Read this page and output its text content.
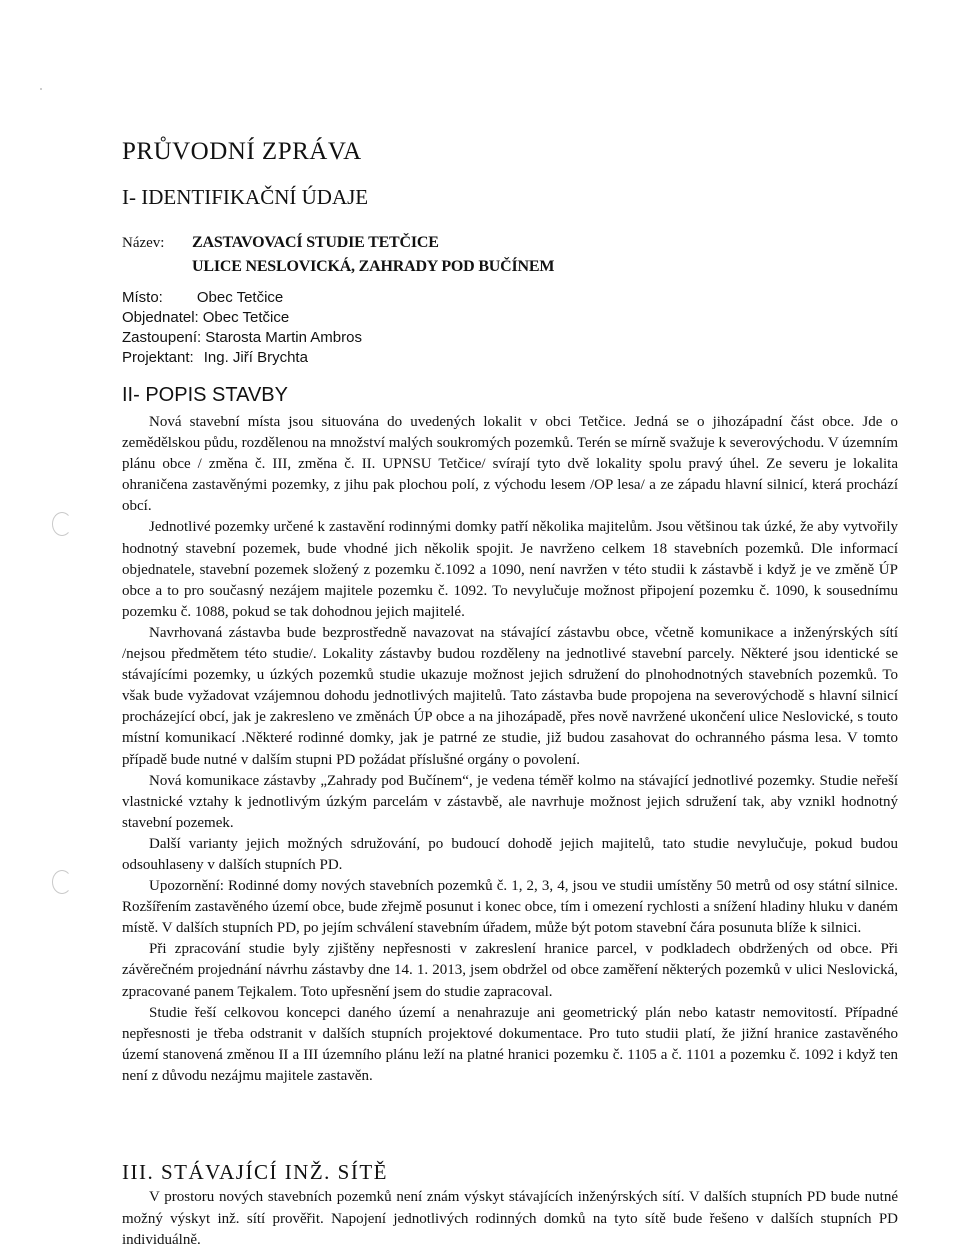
PRŮVODNÍ ZPRÁVA
I- IDENTIFIKAČNÍ ÚDAJE
Název: ZASTAVOVACÍ STUDIE TETČICE
ULICE NESLOVICKÁ, ZAHRADY POD BUČÍNEM
Místo: Obec Tetčice
Objednatel: Obec Tetčice
Zastoupení: Starosta Martin Ambros
Projektant: Ing. Jiří Brychta
II- POPIS STAVBY

Nová stavební místa jsou situována do uvedených lokalit v obci Tetčice. Jedná se o jihozápadní část obce. Jde o zemědělskou půdu, rozdělenou na množství malých soukromých pozemků. Terén se mírně svažuje k severovýchodu. V územním plánu obce / změna č. III, změna č. II. UPNSU Tetčice/ svírají tyto dvě lokality spolu pravý úhel. Ze severu je lokalita ohraničena zastavěnými pozemky, z jihu pak plochou polí, z východu lesem /OP lesa/ a ze západu hlavní silnicí, která prochází obcí.

Jednotlivé pozemky určené k zastavění rodinnými domky patří několika majitelům. Jsou většinou tak úzké, že aby vytvořily hodnotný stavební pozemek, bude vhodné jich několik spojit. Je navrženo celkem 18 stavebních pozemků. Dle informací objednatele, stavební pozemek složený z pozemku č.1092 a 1090, není navržen v této studii k zástavbě i když je ve změně ÚP obce a to pro současný nezájem majitele pozemku č. 1092. To nevylučuje možnost připojení pozemku č. 1090, k sousednímu pozemku č. 1088, pokud se tak dohodnou jejich majitelé.

Navrhovaná zástavba bude bezprostředně navazovat na stávající zástavbu obce, včetně komunikace a inženýrských sítí /nejsou předmětem této studie/. Lokality zástavby budou rozděleny na jednotlivé stavební parcely. Některé jsou identické se stávajícími pozemky, u úzkých pozemků studie ukazuje možnost jejich sdružení do plnohodnotných stavebních pozemků. To však bude vyžadovat vzájemnou dohodu jednotlivých majitelů. Tato zástavba bude propojena na severovýchodě s hlavní silnicí procházející obcí, jak je zakresleno ve změnách ÚP obce a na jihozápadě, přes nově navržené ukončení ulice Neslovické, s touto místní komunikací .Některé rodinné domky, jak je patrné ze studie, již budou zasahovat do ochranného pásma lesa. V tomto případě bude nutné v dalším stupni PD požádat příslušné orgány o povolení.

Nová komunikace zástavby „Zahrady pod Bučínem“, je vedena téměř kolmo na stávající jednotlivé pozemky. Studie neřeší vlastnické vztahy k jednotlivým úzkým parcelám v zástavbě, ale navrhuje možnost jejich sdružení tak, aby vznikl hodnotný stavební pozemek.

Další varianty jejich možných sdružování, po budoucí dohodě jejich majitelů, tato studie nevylučuje, pokud budou odsouhlaseny v dalších stupních PD.

Upozornění: Rodinné domy nových stavebních pozemků č. 1, 2, 3, 4, jsou ve studii umístěny 50 metrů od osy státní silnice. Rozšířením zastavěného území obce, bude zřejmě posunut i konec obce, tím i omezení rychlosti a snížení hladiny hluku v daném místě. V dalších stupních PD, po jejím schválení stavebním úřadem, může být potom stavební čára posunuta blíže k silnici.

Při zpracování studie byly zjištěny nepřesnosti v zakreslení hranice parcel, v podkladech obdržených od obce. Při závěrečném projednání návrhu zástavby dne 14. 1. 2013, jsem obdržel od obce zaměření některých pozemků v ulici Neslovická, zpracované panem Tejkalem. Toto upřesnění jsem do studie zapracoval.

Studie řeší celkovou koncepci daného území a nenahrazuje ani geometrický plán nebo katastr nemovitostí. Případné nepřesnosti je třeba odstranit v dalších stupních projektové dokumentace. Pro tuto studii platí, že jižní hranice zastavěného území stanovená změnou II a III územního plánu leží na platné hranici pozemku č. 1105 a č. 1101 a pozemku č. 1092 i když ten není z důvodu nezájmu majitele zastavěn.

III. STÁVAJÍCÍ INŽ. SÍTĚ

V prostoru nových stavebních pozemků není znám výskyt stávajících inženýrských sítí. V dalších stupních PD bude nutné možný výskyt inž. sítí prověřit. Napojení jednotlivých rodinných domků na tyto sítě bude řešeno v dalších stupních PD individuálně.
